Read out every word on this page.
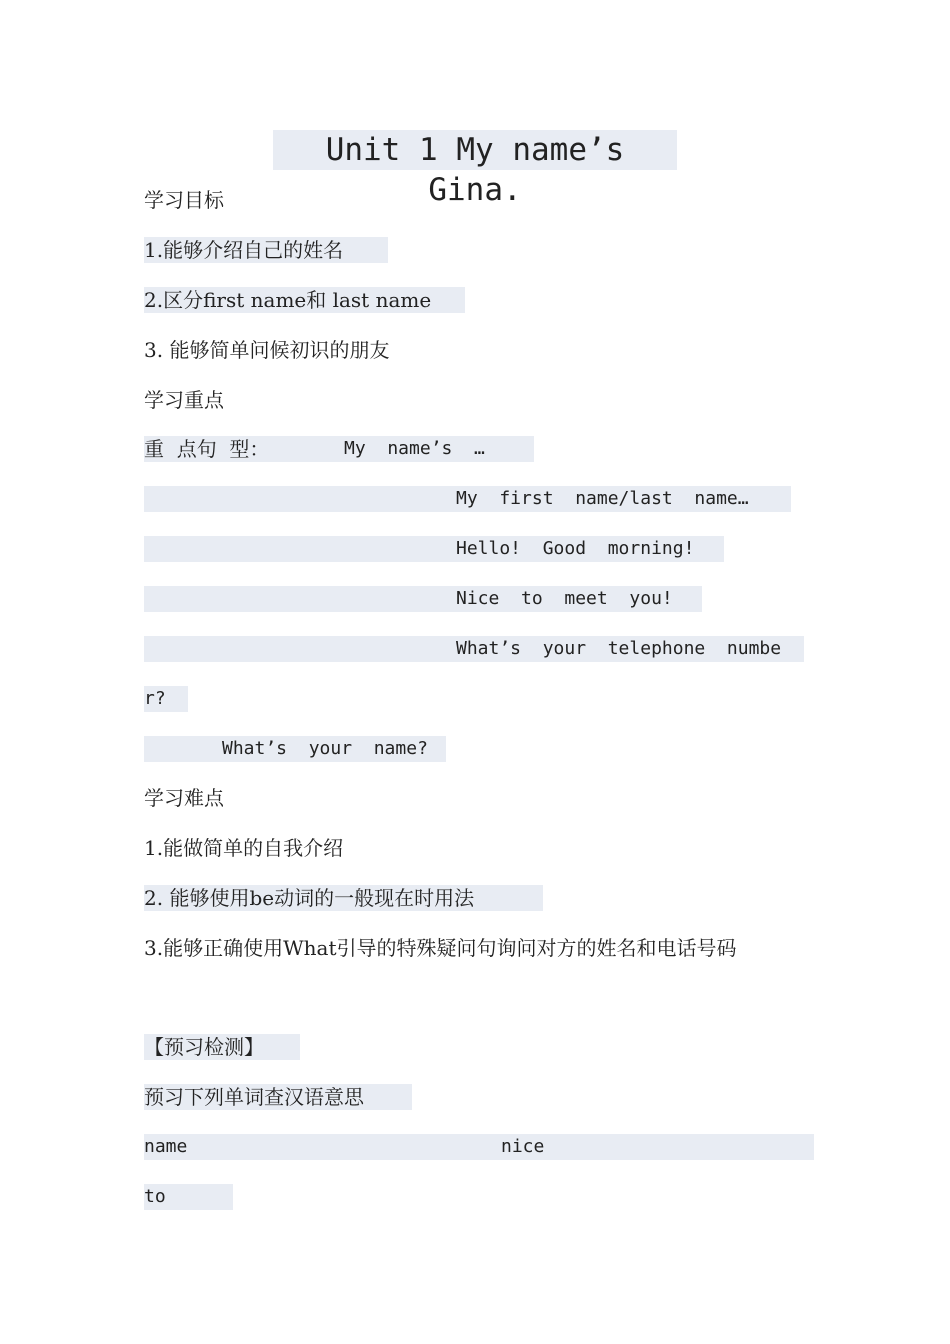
Unit 1 My name’s Gina.
学习目标
1.能够介绍自己的姓名
2.区分first name和 last name
3. 能够简单问候初识的朋友
学习重点
重  点句  型：	My  name’s  …
My  first  name/last  name…
Hello!  Good  morning!
Nice  to  meet  you!
What’s  your  telephone  numbe
r?
What’s  your  name?
学习难点
1.能做简单的自我介绍
2. 能够使用be动词的一般现在时用法
3.能够正确使用What引导的特殊疑问句询问对方的姓名和电话号码
【预习检测】
预习下列单词查汉语意思
name	nice
to
